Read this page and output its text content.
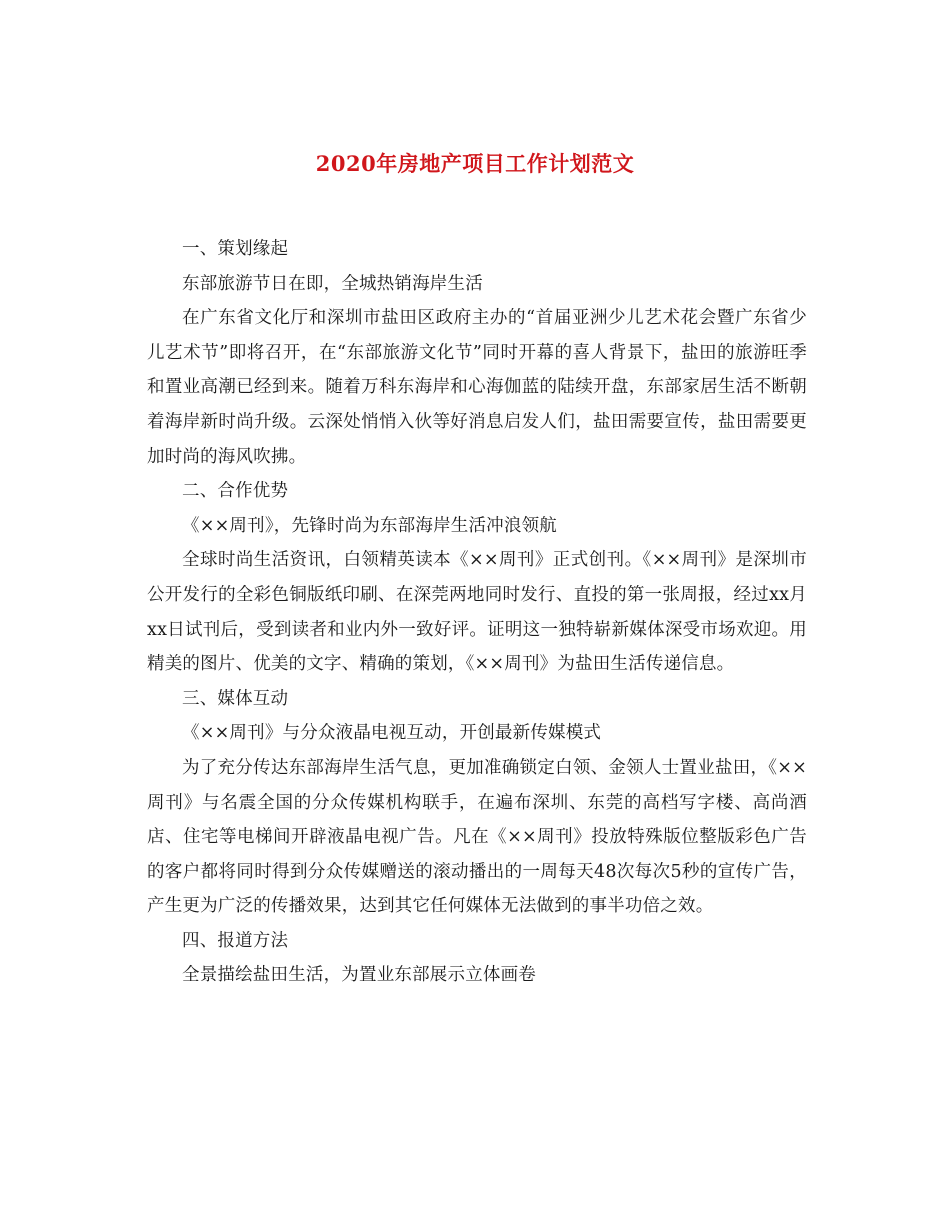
2020年房地产项目工作计划范文

一、策划缘起

东部旅游节日在即，全城热销海岸生活

在广东省文化厅和深圳市盐田区政府主办的“首届亚洲少儿艺术花会暨广东省少儿艺术节”即将召开，在“东部旅游文化节”同时开幕的喜人背景下，盐田的旅游旺季和置业高潮已经到来。随着万科东海岸和心海伽蓝的陆续开盘，东部家居生活不断朝着海岸新时尚升级。云深处悄悄入伙等好消息启发人们，盐田需要宣传，盐田需要更加时尚的海风吹拂。

二、合作优势

《××周刊》，先锋时尚为东部海岸生活冲浪领航

全球时尚生活资讯，白领精英读本《××周刊》正式创刊。《××周刊》是深圳市公开发行的全彩色铜版纸印刷、在深莞两地同时发行、直投的第一张周报，经过xx月xx日试刊后，受到读者和业内外一致好评。证明这一独特崭新媒体深受市场欢迎。用精美的图片、优美的文字、精确的策划，《××周刊》为盐田生活传递信息。

三、媒体互动

《××周刊》与分众液晶电视互动，开创最新传媒模式

为了充分传达东部海岸生活气息，更加准确锁定白领、金领人士置业盐田，《××周刊》与名震全国的分众传媒机构联手，在遍布深圳、东莞的高档写字楼、高尚酒店、住宅等电梯间开辟液晶电视广告。凡在《××周刊》投放特殊版位整版彩色广告的客户都将同时得到分众传媒赠送的滚动播出的一周每天48次每次5秒的宣传广告，产生更为广泛的传播效果，达到其它任何媒体无法做到的事半功倍之效。

四、报道方法

全景描绘盐田生活，为置业东部展示立体画卷
